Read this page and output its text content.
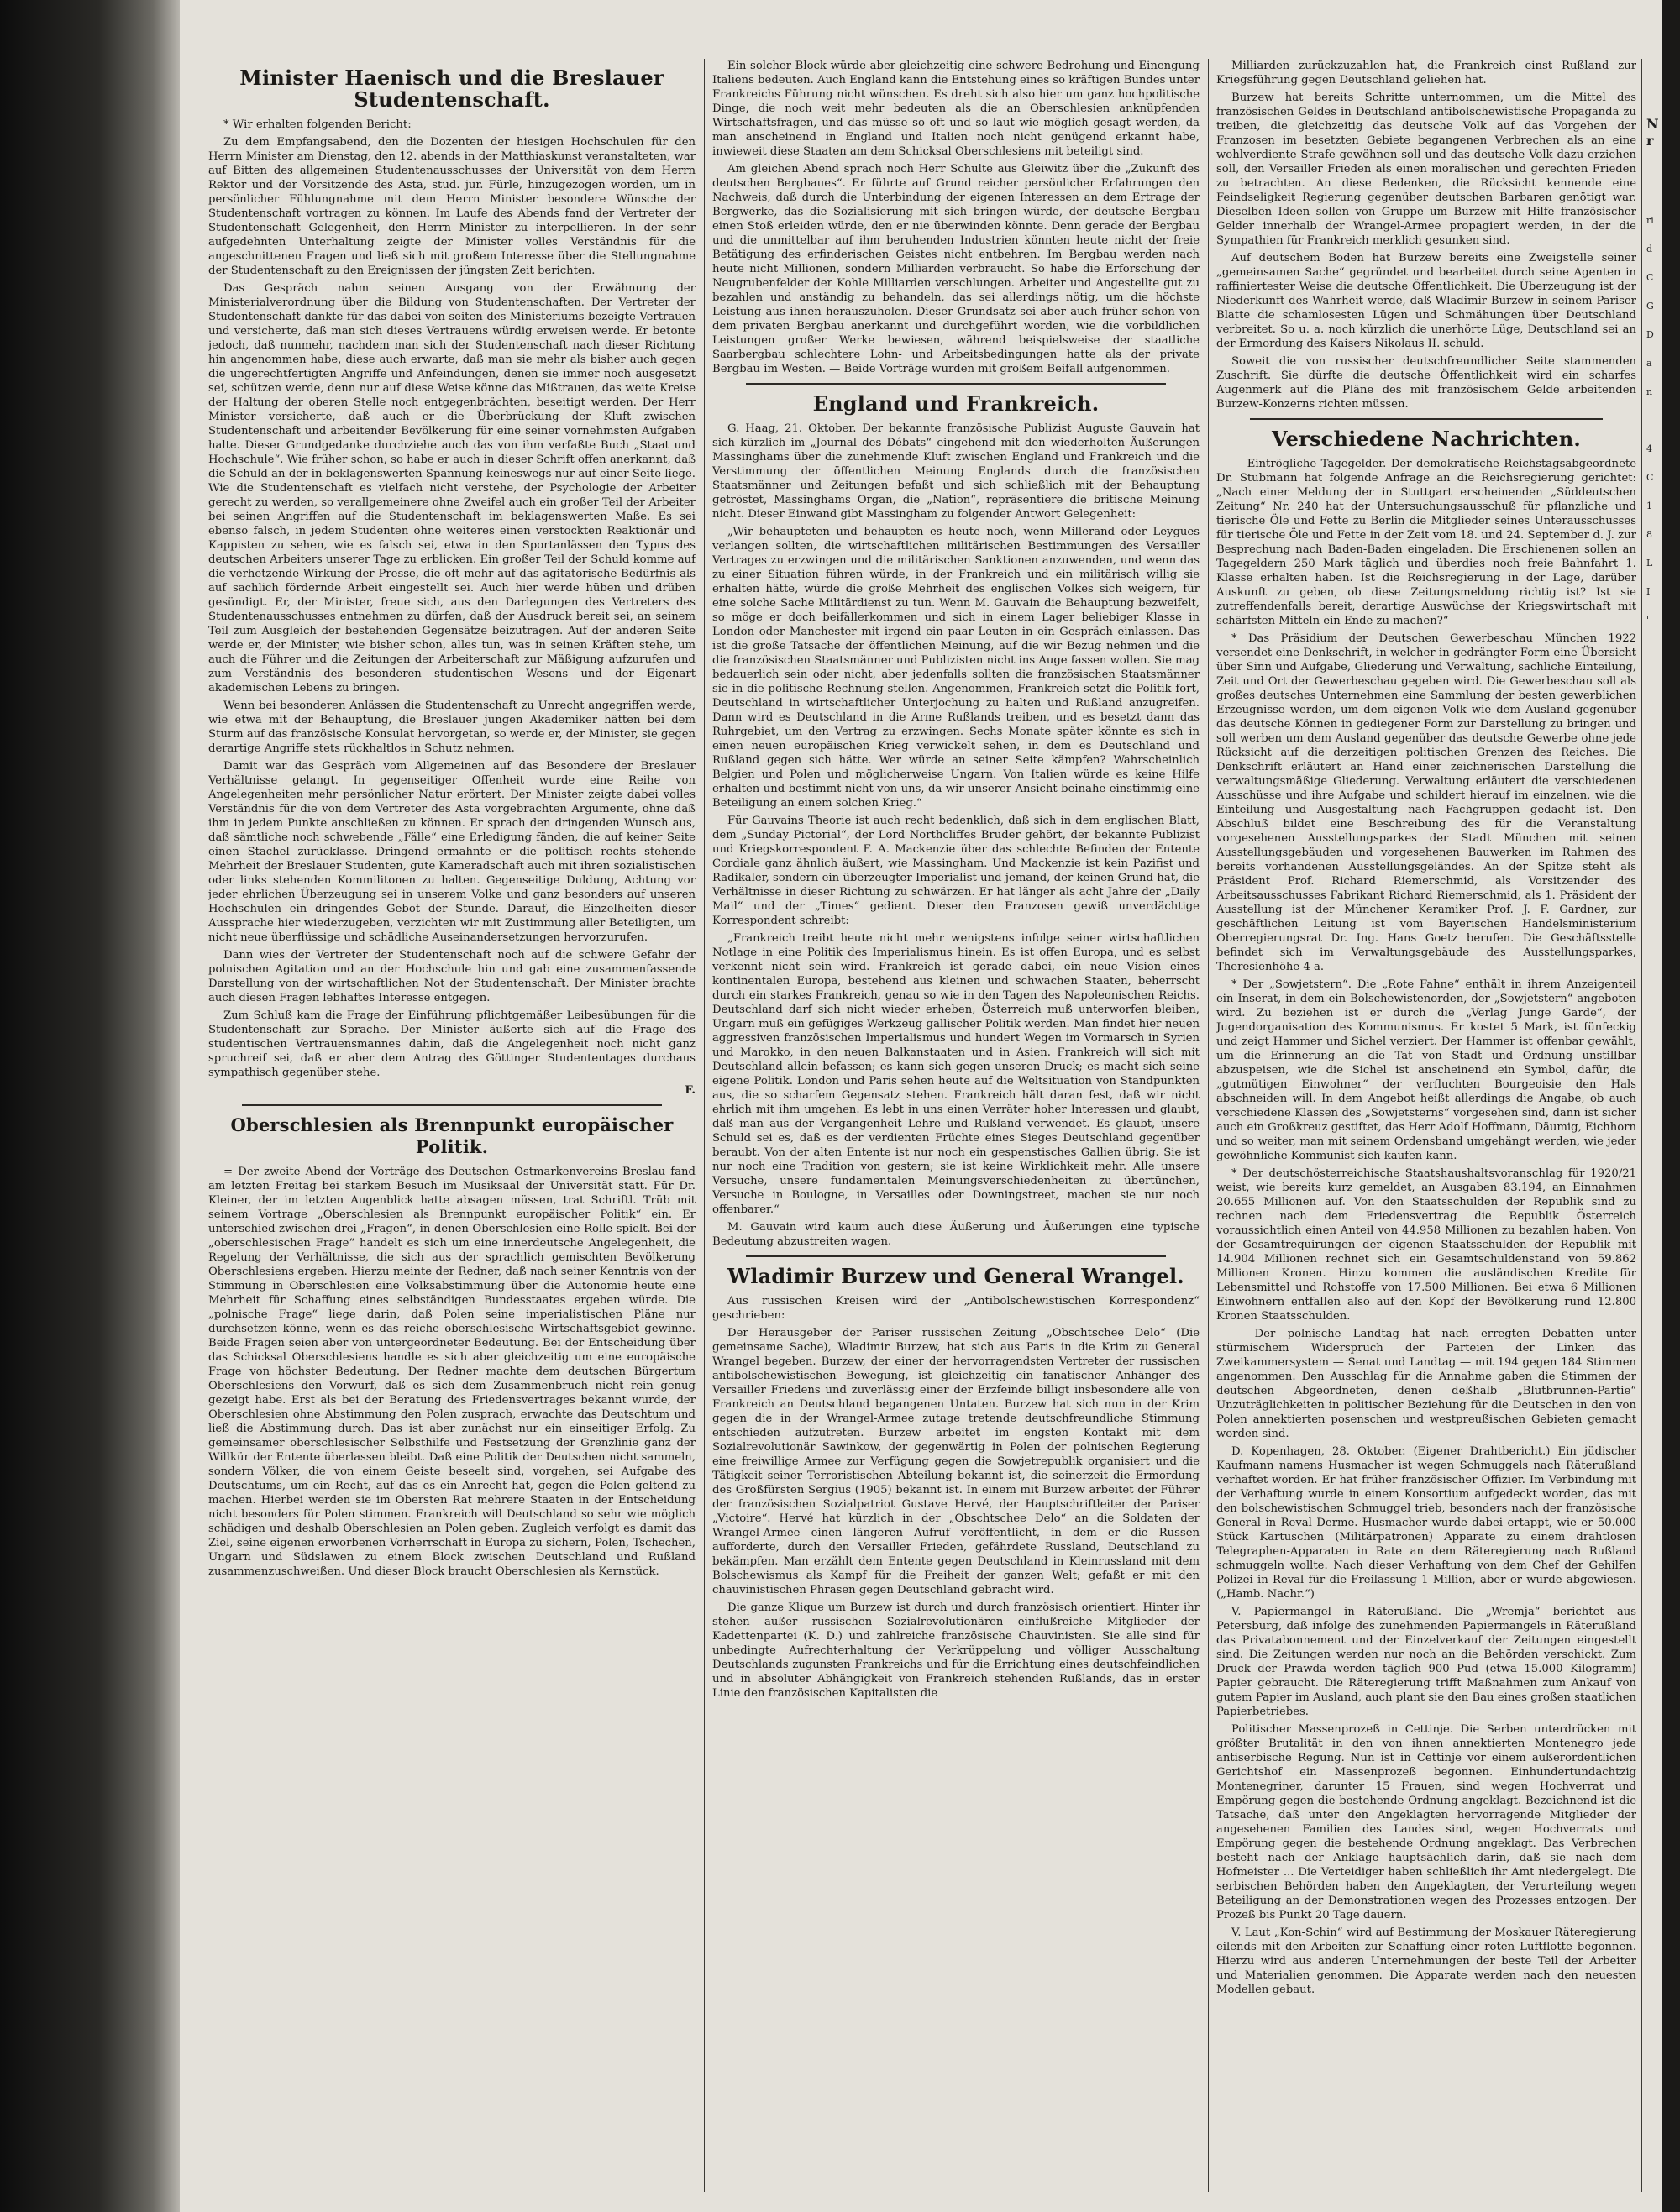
Minister Haenisch und die Breslauer Studentenschaft.

* Wir erhalten folgenden Bericht:

Zu dem Empfangsabend, den die Dozenten der hiesigen Hochschulen für den Herrn Minister am Dienstag, den 12. abends in der Matthiaskunst veranstalteten, war auf Bitten des allgemeinen Studentenausschusses der Universität von dem Herrn Rektor und der Vorsitzende des Asta, stud. jur. Fürle, hinzugezogen worden, um in persönlicher Fühlungnahme mit dem Herrn Minister besondere Wünsche der Studentenschaft vortragen zu können. Im Laufe des Abends fand der Vertreter der Studentenschaft Gelegenheit, den Herrn Minister zu interpellieren. In der sehr aufgedehnten Unterhaltung zeigte der Minister volles Verständnis für die angeschnittenen Fragen und ließ sich mit großem Interesse über die Stellungnahme der Studentenschaft zu den Ereignissen der jüngsten Zeit berichten.

Das Gespräch nahm seinen Ausgang von der Erwähnung der Ministerialverordnung über die Bildung von Studentenschaften. Der Vertreter der Studentenschaft dankte für das dabei von seiten des Ministeriums bezeigte Vertrauen und versicherte, daß man sich dieses Vertrauens würdig erweisen werde. Er betonte jedoch, daß nunmehr, nachdem man sich der Studentenschaft nach dieser Richtung hin angenommen habe, diese auch erwarte, daß man sie mehr als bisher auch gegen die ungerechtfertigten Angriffe und Anfeindungen, denen sie immer noch ausgesetzt sei, schützen werde, denn nur auf diese Weise könne das Mißtrauen, das weite Kreise der Haltung der oberen Stelle noch entgegenbrächten, beseitigt werden. Der Herr Minister versicherte, daß auch er die Überbrückung der Kluft zwischen Studentenschaft und arbeitender Bevölkerung für eine seiner vornehmsten Aufgaben halte. Dieser Grundgedanke durchziehe auch das von ihm verfaßte Buch „Staat und Hochschule“. Wie früher schon, so habe er auch in dieser Schrift offen anerkannt, daß die Schuld an der in beklagenswerten Spannung keineswegs nur auf einer Seite liege. Wie die Studentenschaft es vielfach nicht verstehe, der Psychologie der Arbeiter gerecht zu werden, so verallgemeinere ohne Zweifel auch ein großer Teil der Arbeiter bei seinen Angriffen auf die Studentenschaft im beklagenswerten Maße. Es sei ebenso falsch, in jedem Studenten ohne weiteres einen verstockten Reaktionär und Kappisten zu sehen, wie es falsch sei, etwa in den Sportanlässen den Typus des deutschen Arbeiters unserer Tage zu erblicken. Ein großer Teil der Schuld komme auf die verhetzende Wirkung der Presse, die oft mehr auf das agitatorische Bedürfnis als auf sachlich fördernde Arbeit eingestellt sei. Auch hier werde hüben und drüben gesündigt. Er, der Minister, freue sich, aus den Darlegungen des Vertreters des Studentenausschusses entnehmen zu dürfen, daß der Ausdruck bereit sei, an seinem Teil zum Ausgleich der bestehenden Gegensätze beizutragen. Auf der anderen Seite werde er, der Minister, wie bisher schon, alles tun, was in seinen Kräften stehe, um auch die Führer und die Zeitungen der Arbeiterschaft zur Mäßigung aufzurufen und zum Verständnis des besonderen studentischen Wesens und der Eigenart akademischen Lebens zu bringen.

Wenn bei besonderen Anlässen die Studentenschaft zu Unrecht angegriffen werde, wie etwa mit der Behauptung, die Breslauer jungen Akademiker hätten bei dem Sturm auf das französische Konsulat hervorgetan, so werde er, der Minister, sie gegen derartige Angriffe stets rückhaltlos in Schutz nehmen.

Damit war das Gespräch vom Allgemeinen auf das Besondere der Breslauer Verhältnisse gelangt. In gegenseitiger Offenheit wurde eine Reihe von Angelegenheiten mehr persönlicher Natur erörtert. Der Minister zeigte dabei volles Verständnis für die von dem Vertreter des Asta vorgebrachten Argumente, ohne daß ihm in jedem Punkte anschließen zu können. Er sprach den dringenden Wunsch aus, daß sämtliche noch schwebende „Fälle“ eine Erledigung fänden, die auf keiner Seite einen Stachel zurücklasse. Dringend ermahnte er die politisch rechts stehende Mehrheit der Breslauer Studenten, gute Kameradschaft auch mit ihren sozialistischen oder links stehenden Kommilitonen zu halten. Gegenseitige Duldung, Achtung vor jeder ehrlichen Überzeugung sei in unserem Volke und ganz besonders auf unseren Hochschulen ein dringendes Gebot der Stunde. Darauf, die Einzelheiten dieser Aussprache hier wiederzugeben, verzichten wir mit Zustimmung aller Beteiligten, um nicht neue überflüssige und schädliche Auseinandersetzungen hervorzurufen.

Dann wies der Vertreter der Studentenschaft noch auf die schwere Gefahr der polnischen Agitation und an der Hochschule hin und gab eine zusammenfassende Darstellung von der wirtschaftlichen Not der Studentenschaft. Der Minister brachte auch diesen Fragen lebhaftes Interesse entgegen.

Zum Schluß kam die Frage der Einführung pflichtgemäßer Leibesübungen für die Studentenschaft zur Sprache. Der Minister äußerte sich auf die Frage des studentischen Vertrauensmannes dahin, daß die Angelegenheit noch nicht ganz spruchreif sei, daß er aber dem Antrag des Göttinger Studententages durchaus sympathisch gegenüber stehe.

F.
Oberschlesien als Brennpunkt europäischer Politik.

= Der zweite Abend der Vorträge des Deutschen Ostmarkenvereins Breslau fand am letzten Freitag bei starkem Besuch im Musiksaal der Universität statt. Für Dr. Kleiner, der im letzten Augenblick hatte absagen müssen, trat Schriftl. Trüb mit seinem Vortrage „Oberschlesien als Brennpunkt europäischer Politik“ ein. Er unterschied zwischen drei „Fragen“, in denen Oberschlesien eine Rolle spielt. Bei der „oberschlesischen Frage“ handelt es sich um eine innerdeutsche Angelegenheit, die Regelung der Verhältnisse, die sich aus der sprachlich gemischten Bevölkerung Oberschlesiens ergeben. Hierzu meinte der Redner, daß nach seiner Kenntnis von der Stimmung in Oberschlesien eine Volksabstimmung über die Autonomie heute eine Mehrheit für Schaffung eines selbständigen Bundesstaates ergeben würde. Die „polnische Frage“ liege darin, daß Polen seine imperialistischen Pläne nur durchsetzen könne, wenn es das reiche oberschlesische Wirtschaftsgebiet gewinne. Beide Fragen seien aber von untergeordneter Bedeutung. Bei der Entscheidung über das Schicksal Oberschlesiens handle es sich aber gleichzeitig um eine europäische Frage von höchster Bedeutung. Der Redner machte dem deutschen Bürgertum Oberschlesiens den Vorwurf, daß es sich dem Zusammenbruch nicht rein genug gezeigt habe. Erst als bei der Beratung des Friedensvertrages bekannt wurde, der Oberschlesien ohne Abstimmung den Polen zusprach, erwachte das Deutschtum und ließ die Abstimmung durch. Das ist aber zunächst nur ein einseitiger Erfolg. Zu gemeinsamer oberschlesischer Selbsthilfe und Festsetzung der Grenzlinie ganz der Willkür der Entente überlassen bleibt. Daß eine Politik der Deutschen nicht sammeln, sondern Völker, die von einem Geiste beseelt sind, vorgehen, sei Aufgabe des Deutschtums, um ein Recht, auf das es ein Anrecht hat, gegen die Polen geltend zu machen. Hierbei werden sie im Obersten Rat mehrere Staaten in der Entscheidung nicht besonders für Polen stimmen. Frankreich will Deutschland so sehr wie möglich schädigen und deshalb Oberschlesien an Polen geben. Zugleich verfolgt es damit das Ziel, seine eigenen erworbenen Vorherrschaft in Europa zu sichern, Polen, Tschechen, Ungarn und Südslawen zu einem Block zwischen Deutschland und Rußland zusammenzuschweißen. Und dieser Block braucht Oberschlesien als Kernstück.

Ein solcher Block würde aber gleichzeitig eine schwere Bedrohung und Einengung Italiens bedeuten. Auch England kann die Entstehung eines so kräftigen Bundes unter Frankreichs Führung nicht wünschen. Es dreht sich also hier um ganz hochpolitische Dinge, die noch weit mehr bedeuten als die an Oberschlesien anknüpfenden Wirtschaftsfragen, und das müsse so oft und so laut wie möglich gesagt werden, da man anscheinend in England und Italien noch nicht genügend erkannt habe, inwieweit diese Staaten am dem Schicksal Oberschlesiens mit beteiligt sind.

Am gleichen Abend sprach noch Herr Schulte aus Gleiwitz über die „Zukunft des deutschen Bergbaues“. Er führte auf Grund reicher persönlicher Erfahrungen den Nachweis, daß durch die Unterbindung der eigenen Interessen an dem Ertrage der Bergwerke, das die Sozialisierung mit sich bringen würde, der deutsche Bergbau einen Stoß erleiden würde, den er nie überwinden könnte. Denn gerade der Bergbau und die unmittelbar auf ihm beruhenden Industrien könnten heute nicht der freie Betätigung des erfinderischen Geistes nicht entbehren. Im Bergbau werden nach heute nicht Millionen, sondern Milliarden verbraucht. So habe die Erforschung der Neugrubenfelder der Kohle Milliarden verschlungen. Arbeiter und Angestellte gut zu bezahlen und anständig zu behandeln, das sei allerdings nötig, um die höchste Leistung aus ihnen herauszuholen. Dieser Grundsatz sei aber auch früher schon von dem privaten Bergbau anerkannt und durchgeführt worden, wie die vorbildlichen Leistungen großer Werke bewiesen, während beispielsweise der staatliche Saarbergbau schlechtere Lohn- und Arbeitsbedingungen hatte als der private Bergbau im Westen. — Beide Vorträge wurden mit großem Beifall aufgenommen.

England und Frankreich.

G. Haag, 21. Oktober. Der bekannte französische Publizist Auguste Gauvain hat sich kürzlich im „Journal des Débats“ eingehend mit den wiederholten Äußerungen Massinghams über die zunehmende Kluft zwischen England und Frankreich und die Verstimmung der öffentlichen Meinung Englands durch die französischen Staatsmänner und Zeitungen befaßt und sich schließlich mit der Behauptung getröstet, Massinghams Organ, die „Nation“, repräsentiere die britische Meinung nicht. Dieser Einwand gibt Massingham zu folgender Antwort Gelegenheit:

„Wir behaupteten und behaupten es heute noch, wenn Millerand oder Leygues verlangen sollten, die wirtschaftlichen militärischen Bestimmungen des Versailler Vertrages zu erzwingen und die militärischen Sanktionen anzuwenden, und wenn das zu einer Situation führen würde, in der Frankreich und ein militärisch willig sie erhalten hätte, würde die große Mehrheit des englischen Volkes sich weigern, für eine solche Sache Militärdienst zu tun. Wenn M. Gauvain die Behauptung bezweifelt, so möge er doch beifällerkommen und sich in einem Lager beliebiger Klasse in London oder Manchester mit irgend ein paar Leuten in ein Gespräch einlassen. Das ist die große Tatsache der öffentlichen Meinung, auf die wir Bezug nehmen und die die französischen Staatsmänner und Publizisten nicht ins Auge fassen wollen. Sie mag bedauerlich sein oder nicht, aber jedenfalls sollten die französischen Staatsmänner sie in die politische Rechnung stellen. Angenommen, Frankreich setzt die Politik fort, Deutschland in wirtschaftlicher Unterjochung zu halten und Rußland anzugreifen. Dann wird es Deutschland in die Arme Rußlands treiben, und es besetzt dann das Ruhrgebiet, um den Vertrag zu erzwingen. Sechs Monate später könnte es sich in einen neuen europäischen Krieg verwickelt sehen, in dem es Deutschland und Rußland gegen sich hätte. Wer würde an seiner Seite kämpfen? Wahrscheinlich Belgien und Polen und möglicherweise Ungarn. Von Italien würde es keine Hilfe erhalten und bestimmt nicht von uns, da wir unserer Ansicht beinahe einstimmig eine Beteiligung an einem solchen Krieg.“

Für Gauvains Theorie ist auch recht bedenklich, daß sich in dem englischen Blatt, dem „Sunday Pictorial“, der Lord Northcliffes Bruder gehört, der bekannte Publizist und Kriegskorrespondent F. A. Mackenzie über das schlechte Befinden der Entente Cordiale ganz ähnlich äußert, wie Massingham. Und Mackenzie ist kein Pazifist und Radikaler, sondern ein überzeugter Imperialist und jemand, der keinen Grund hat, die Verhältnisse in dieser Richtung zu schwärzen. Er hat länger als acht Jahre der „Daily Mail“ und der „Times“ gedient. Dieser den Franzosen gewiß unverdächtige Korrespondent schreibt:

„Frankreich treibt heute nicht mehr wenigstens infolge seiner wirtschaftlichen Notlage in eine Politik des Imperialismus hinein. Es ist offen Europa, und es selbst verkennt nicht sein wird. Frankreich ist gerade dabei, ein neue Vision eines kontinentalen Europa, bestehend aus kleinen und schwachen Staaten, beherrscht durch ein starkes Frankreich, genau so wie in den Tagen des Napoleonischen Reichs. Deutschland darf sich nicht wieder erheben, Österreich muß unterworfen bleiben, Ungarn muß ein gefügiges Werkzeug gallischer Politik werden. Man findet hier neuen aggressiven französischen Imperialismus und hundert Wegen im Vormarsch in Syrien und Marokko, in den neuen Balkanstaaten und in Asien. Frankreich will sich mit Deutschland allein befassen; es kann sich gegen unseren Druck; es macht sich seine eigene Politik. London und Paris sehen heute auf die Weltsituation von Standpunkten aus, die so scharfem Gegensatz stehen. Frankreich hält daran fest, daß wir nicht ehrlich mit ihm umgehen. Es lebt in uns einen Verräter hoher Interessen und glaubt, daß man aus der Vergangenheit Lehre und Rußland verwendet. Es glaubt, unsere Schuld sei es, daß es der verdienten Früchte eines Sieges Deutschland gegenüber beraubt. Von der alten Entente ist nur noch ein gespenstisches Gallien übrig. Sie ist nur noch eine Tradition von gestern; sie ist keine Wirklichkeit mehr. Alle unsere Versuche, unsere fundamentalen Meinungsverschiedenheiten zu übertünchen, Versuche in Boulogne, in Versailles oder Downingstreet, machen sie nur noch offenbarer.“

M. Gauvain wird kaum auch diese Äußerung und Äußerungen eine typische Bedeutung abzustreiten wagen.

Wladimir Burzew und General Wrangel.

Aus russischen Kreisen wird der „Antibolschewistischen Korrespondenz“ geschrieben:

Der Herausgeber der Pariser russischen Zeitung „Obschtschee Delo“ (Die gemeinsame Sache), Wladimir Burzew, hat sich aus Paris in die Krim zu General Wrangel begeben. Burzew, der einer der hervorragendsten Vertreter der russischen antibolschewistischen Bewegung, ist gleichzeitig ein fanatischer Anhänger des Versailler Friedens und zuverlässig einer der Erzfeinde billigt insbesondere alle von Frankreich an Deutschland begangenen Untaten. Burzew hat sich nun in der Krim gegen die in der Wrangel-Armee zutage tretende deutschfreundliche Stimmung entschieden aufzutreten. Burzew arbeitet im engsten Kontakt mit dem Sozialrevolutionär Sawinkow, der gegenwärtig in Polen der polnischen Regierung eine freiwillige Armee zur Verfügung gegen die Sowjetrepublik organisiert und die Tätigkeit seiner Terroristischen Abteilung bekannt ist, die seinerzeit die Ermordung des Großfürsten Sergius (1905) bekannt ist. In einem mit Burzew arbeitet der Führer der französischen Sozialpatriot Gustave Hervé, der Hauptschriftleiter der Pariser „Victoire“. Hervé hat kürzlich in der „Obschtschee Delo“ an die Soldaten der Wrangel-Armee einen längeren Aufruf veröffentlicht, in dem er die Russen aufforderte, durch den Versailler Frieden, gefährdete Russland, Deutschland zu bekämpfen. Man erzählt dem Entente gegen Deutschland in Kleinrussland mit dem Bolschewismus als Kampf für die Freiheit der ganzen Welt; gefaßt er mit den chauvinistischen Phrasen gegen Deutschland gebracht wird.

Die ganze Klique um Burzew ist durch und durch französisch orientiert. Hinter ihr stehen außer russischen Sozialrevolutionären einflußreiche Mitglieder der Kadettenpartei (K. D.) und zahlreiche französische Chauvinisten. Sie alle sind für unbedingte Aufrechterhaltung der Verkrüppelung und völliger Ausschaltung Deutschlands zugunsten Frankreichs und für die Errichtung eines deutschfeindlichen und in absoluter Abhängigkeit von Frankreich stehenden Rußlands, das in erster Linie den französischen Kapitalisten die

Milliarden zurückzuzahlen hat, die Frankreich einst Rußland zur Kriegsführung gegen Deutschland geliehen hat.

Burzew hat bereits Schritte unternommen, um die Mittel des französischen Geldes in Deutschland antibolschewistische Propaganda zu treiben, die gleichzeitig das deutsche Volk auf das Vorgehen der Franzosen im besetzten Gebiete begangenen Verbrechen als an eine wohlverdiente Strafe gewöhnen soll und das deutsche Volk dazu erziehen soll, den Versailler Frieden als einen moralischen und gerechten Frieden zu betrachten. An diese Bedenken, die Rücksicht kennende eine Feindseligkeit Regierung gegenüber deutschen Barbaren genötigt war. Dieselben Ideen sollen von Gruppe um Burzew mit Hilfe französischer Gelder innerhalb der Wrangel-Armee propagiert werden, in der die Sympathien für Frankreich merklich gesunken sind.

Auf deutschem Boden hat Burzew bereits eine Zweigstelle seiner „gemeinsamen Sache“ gegründet und bearbeitet durch seine Agenten in raffiniertester Weise die deutsche Öffentlichkeit. Die Überzeugung ist der Niederkunft des Wahrheit werde, daß Wladimir Burzew in seinem Pariser Blatte die schamlosesten Lügen und Schmähungen über Deutschland verbreitet. So u. a. noch kürzlich die unerhörte Lüge, Deutschland sei an der Ermordung des Kaisers Nikolaus II. schuld.

Soweit die von russischer deutschfreundlicher Seite stammenden Zuschrift. Sie dürfte die deutsche Öffentlichkeit wird ein scharfes Augenmerk auf die Pläne des mit französischem Gelde arbeitenden Burzew-Konzerns richten müssen.

Verschiedene Nachrichten.

— Eintrögliche Tagegelder. Der demokratische Reichstagsabgeordnete Dr. Stubmann hat folgende Anfrage an die Reichsregierung gerichtet: „Nach einer Meldung der in Stuttgart erscheinenden „Süddeutschen Zeitung“ Nr. 240 hat der Untersuchungsausschuß für pflanzliche und tierische Öle und Fette zu Berlin die Mitglieder seines Unterausschusses für tierische Öle und Fette in der Zeit vom 18. und 24. September d. J. zur Besprechung nach Baden-Baden eingeladen. Die Erschienenen sollen an Tagegeldern 250 Mark täglich und überdies noch freie Bahnfahrt 1. Klasse erhalten haben. Ist die Reichsregierung in der Lage, darüber Auskunft zu geben, ob diese Zeitungsmeldung richtig ist? Ist sie zutreffendenfalls bereit, derartige Auswüchse der Kriegswirtschaft mit schärfsten Mitteln ein Ende zu machen?“

* Das Präsidium der Deutschen Gewerbeschau München 1922 versendet eine Denkschrift, in welcher in gedrängter Form eine Übersicht über Sinn und Aufgabe, Gliederung und Verwaltung, sachliche Einteilung, Zeit und Ort der Gewerbeschau gegeben wird. Die Gewerbeschau soll als großes deutsches Unternehmen eine Sammlung der besten gewerblichen Erzeugnisse werden, um dem eigenen Volk wie dem Ausland gegenüber das deutsche Können in gediegener Form zur Darstellung zu bringen und soll werben um dem Ausland gegenüber das deutsche Gewerbe ohne jede Rücksicht auf die derzeitigen politischen Grenzen des Reiches. Die Denkschrift erläutert an Hand einer zeichnerischen Darstellung die verwaltungsmäßige Gliederung. Verwaltung erläutert die verschiedenen Ausschüsse und ihre Aufgabe und schildert hierauf im einzelnen, wie die Einteilung und Ausgestaltung nach Fachgruppen gedacht ist. Den Abschluß bildet eine Beschreibung des für die Veranstaltung vorgesehenen Ausstellungsparkes der Stadt München mit seinen Ausstellungsgebäuden und vorgesehenen Bauwerken im Rahmen des bereits vorhandenen Ausstellungsgeländes. An der Spitze steht als Präsident Prof. Richard Riemerschmid, als Vorsitzender des Arbeitsausschusses Fabrikant Richard Riemerschmid, als 1. Präsident der Ausstellung ist der Münchener Keramiker Prof. J. F. Gardner, zur geschäftlichen Leitung ist vom Bayerischen Handelsministerium Oberregierungsrat Dr. Ing. Hans Goetz berufen. Die Geschäftsstelle befindet sich im Verwaltungsgebäude des Ausstellungsparkes, Theresienhöhe 4 a.

* Der „Sowjetstern“. Die „Rote Fahne“ enthält in ihrem Anzeigenteil ein Inserat, in dem ein Bolschewistenorden, der „Sowjetstern“ angeboten wird. Zu beziehen ist er durch die „Verlag Junge Garde“, der Jugendorganisation des Kommunismus. Er kostet 5 Mark, ist fünfeckig und zeigt Hammer und Sichel verziert. Der Hammer ist offenbar gewählt, um die Erinnerung an die Tat von Stadt und Ordnung unstillbar abzuspeisen, wie die Sichel ist anscheinend ein Symbol, dafür, die „gutmütigen Einwohner“ der verfluchten Bourgeoisie den Hals abschneiden will. In dem Angebot heißt allerdings die Angabe, ob auch verschiedene Klassen des „Sowjetsterns“ vorgesehen sind, dann ist sicher auch ein Großkreuz gestiftet, das Herr Adolf Hoffmann, Däumig, Eichhorn und so weiter, man mit seinem Ordensband umgehängt werden, wie jeder gewöhnliche Kommunist sich kaufen kann.

* Der deutschösterreichische Staatshaushaltsvoranschlag für 1920/21 weist, wie bereits kurz gemeldet, an Ausgaben 83.194, an Einnahmen 20.655 Millionen auf. Von den Staatsschulden der Republik sind zu rechnen nach dem Friedensvertrag die Republik Österreich voraussichtlich einen Anteil von 44.958 Millionen zu bezahlen haben. Von der Gesamtrequirungen der eigenen Staatsschulden der Republik mit 14.904 Millionen rechnet sich ein Gesamtschuldenstand von 59.862 Millionen Kronen. Hinzu kommen die ausländischen Kredite für Lebensmittel und Rohstoffe von 17.500 Millionen. Bei etwa 6 Millionen Einwohnern entfallen also auf den Kopf der Bevölkerung rund 12.800 Kronen Staatsschulden.

— Der polnische Landtag hat nach erregten Debatten unter stürmischem Widerspruch der Parteien der Linken das Zweikammersystem — Senat und Landtag — mit 194 gegen 184 Stimmen angenommen. Den Ausschlag für die Annahme gaben die Stimmen der deutschen Abgeordneten, denen deßhalb „Blutbrunnen-Partie“ Unzuträglichkeiten in politischer Beziehung für die Deutschen in den von Polen annektierten posenschen und westpreußischen Gebieten gemacht worden sind.

D. Kopenhagen, 28. Oktober. (Eigener Drahtbericht.) Ein jüdischer Kaufmann namens Husmacher ist wegen Schmuggels nach Räterußland verhaftet worden. Er hat früher französischer Offizier. Im Verbindung mit der Verhaftung wurde in einem Konsortium aufgedeckt worden, das mit den bolschewistischen Schmuggel trieb, besonders nach der französische General in Reval Derme. Husmacher wurde dabei ertappt, wie er 50.000 Stück Kartuschen (Militärpatronen) Apparate zu einem drahtlosen Telegraphen-Apparaten in Rate an dem Räteregierung nach Rußland schmuggeln wollte. Nach dieser Verhaftung von dem Chef der Gehilfen Polizei in Reval für die Freilassung 1 Million, aber er wurde abgewiesen. („Hamb. Nachr.“)

V. Papiermangel in Räterußland. Die „Wremja“ berichtet aus Petersburg, daß infolge des zunehmenden Papiermangels in Räterußland das Privatabonnement und der Einzelverkauf der Zeitungen eingestellt sind. Die Zeitungen werden nur noch an die Behörden verschickt. Zum Druck der Prawda werden täglich 900 Pud (etwa 15.000 Kilogramm) Papier gebraucht. Die Räteregierung trifft Maßnahmen zum Ankauf von gutem Papier im Ausland, auch plant sie den Bau eines großen staatlichen Papierbetriebes.

Politischer Massenprozeß in Cettinje. Die Serben unterdrücken mit größter Brutalität in den von ihnen annektierten Montenegro jede antiserbische Regung. Nun ist in Cettinje vor einem außerordentlichen Gerichtshof ein Massenprozeß begonnen. Einhundertundachtzig Montenegriner, darunter 15 Frauen, sind wegen Hochverrat und Empörung gegen die bestehende Ordnung angeklagt. Bezeichnend ist die Tatsache, daß unter den Angeklagten hervorragende Mitglieder der angesehenen Familien des Landes sind, wegen Hochverrats und Empörung gegen die bestehende Ordnung angeklagt. Das Verbrechen besteht nach der Anklage hauptsächlich darin, daß sie nach dem Hofmeister ... Die Verteidiger haben schließlich ihr Amt niedergelegt. Die serbischen Behörden haben den Angeklagten, der Verurteilung wegen Beteiligung an der Demonstrationen wegen des Prozesses entzogen. Der Prozeß bis Punkt 20 Tage dauern.

V. Laut „Kon-Schin“ wird auf Bestimmung der Moskauer Räteregierung eilends mit den Arbeiten zur Schaffung einer roten Luftflotte begonnen. Hierzu wird aus anderen Unternehmungen der beste Teil der Arbeiter und Materialien genommen. Die Apparate werden nach den neuesten Modellen gebaut.

Nr

rid
C
G
D
an

4
C
18
L
I
'
